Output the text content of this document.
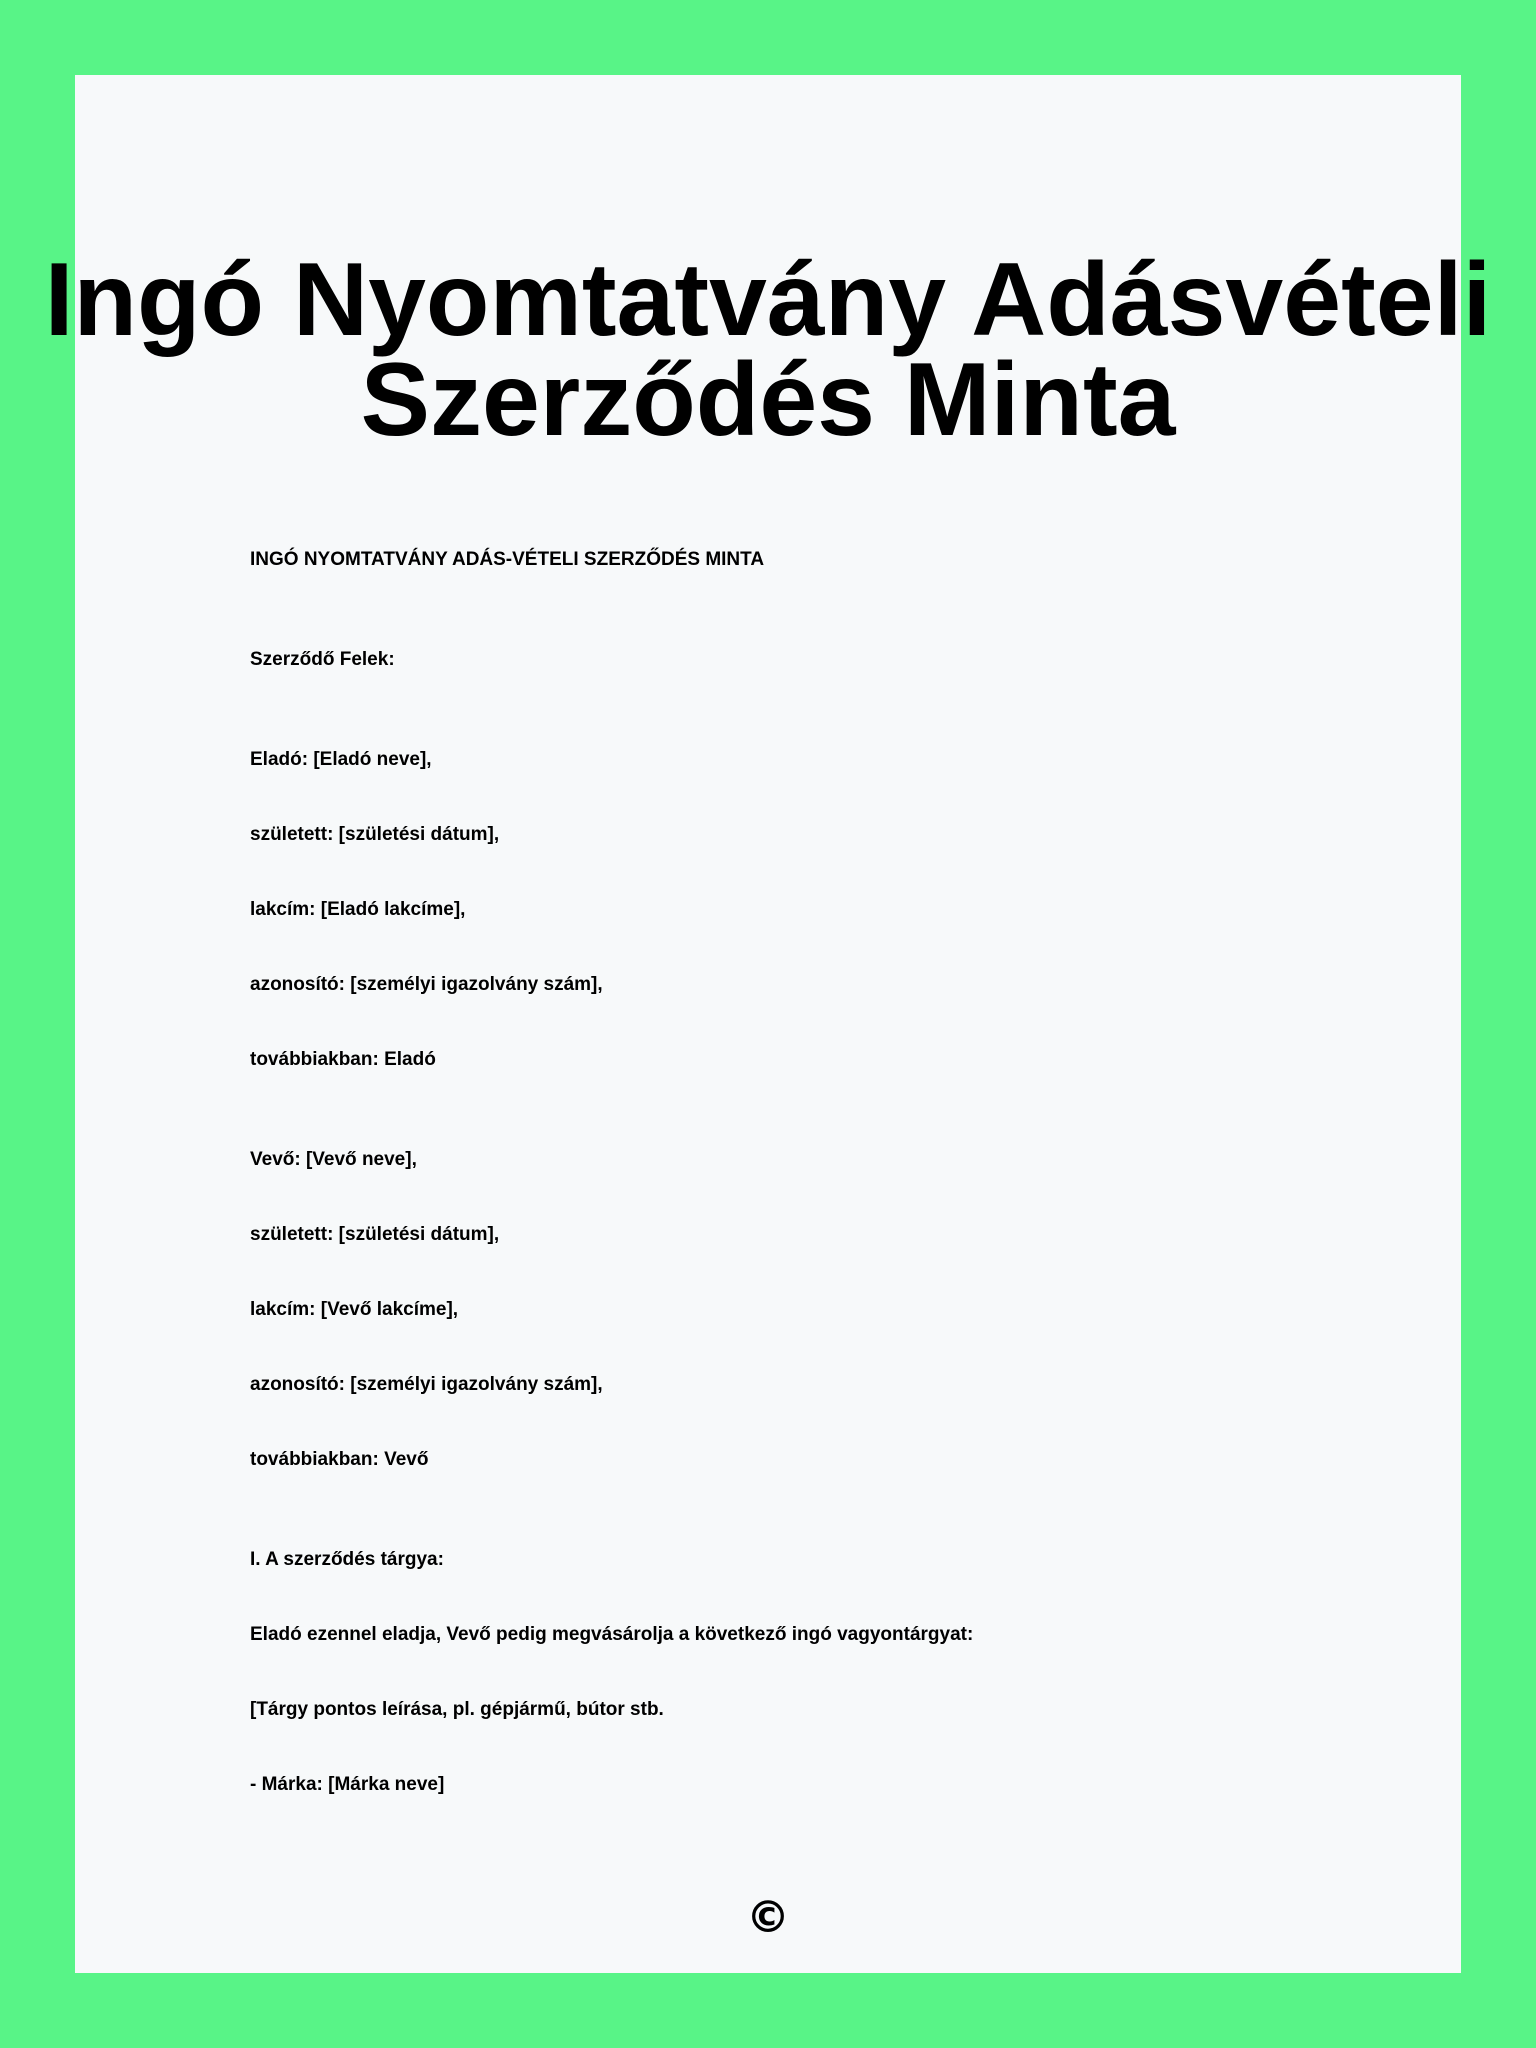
Ingó Nyomtatvány Adásvételi Szerződés Minta
INGÓ NYOMTATVÁNY ADÁS-VÉTELI SZERZŐDÉS MINTA
Szerződő Felek:
Eladó: [Eladó neve],
született: [születési dátum],
lakcím: [Eladó lakcíme],
azonosító: [személyi igazolvány szám],
továbbiakban: Eladó
Vevő: [Vevő neve],
született: [születési dátum],
lakcím: [Vevő lakcíme],
azonosító: [személyi igazolvány szám],
továbbiakban: Vevő
I. A szerződés tárgya:
Eladó ezennel eladja, Vevő pedig megvásárolja a következő ingó vagyontárgyat:
[Tárgy pontos leírása, pl. gépjármű, bútor stb.
- Márka: [Márka neve]
©
